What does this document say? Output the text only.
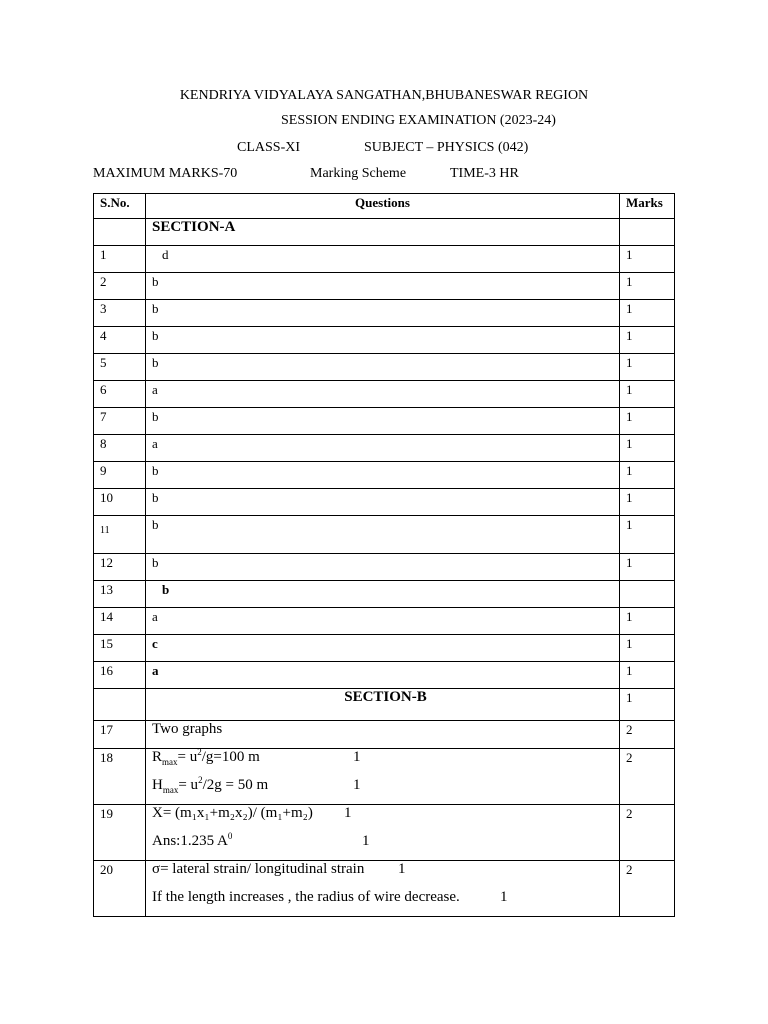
KENDRIYA VIDYALAYA SANGATHAN,BHUBANESWAR REGION
SESSION ENDING EXAMINATION (2023-24)
CLASS-XI	SUBJECT – PHYSICS (042)
MAXIMUM MARKS-70	Marking Scheme	TIME-3 HR
S.No.	Questions	Marks
	SECTION-A	
1	d	1
2	b	1
3	b	1
4	b	1
5	b	1
6	a	1
7	b	1
8	a	1
9	b	1
10	b	1
11	b	1
12	b	1
13	b	
14	a	1
15	c	1
16	a	1
	SECTION-B	1
17	Two graphs	2
18	$R_{max}= u^2/g=100$ m 1
$H_{max}= u^2/2g = 50$ m 1	2
19	X= (m₁x₁+m₂x₂)/ (m₁+m₂) 1
Ans:1.235 $A^0$ 1	2
20	σ= lateral strain/ longitudinal strain 1
If the length increases , the radius of wire decrease. 1	2
